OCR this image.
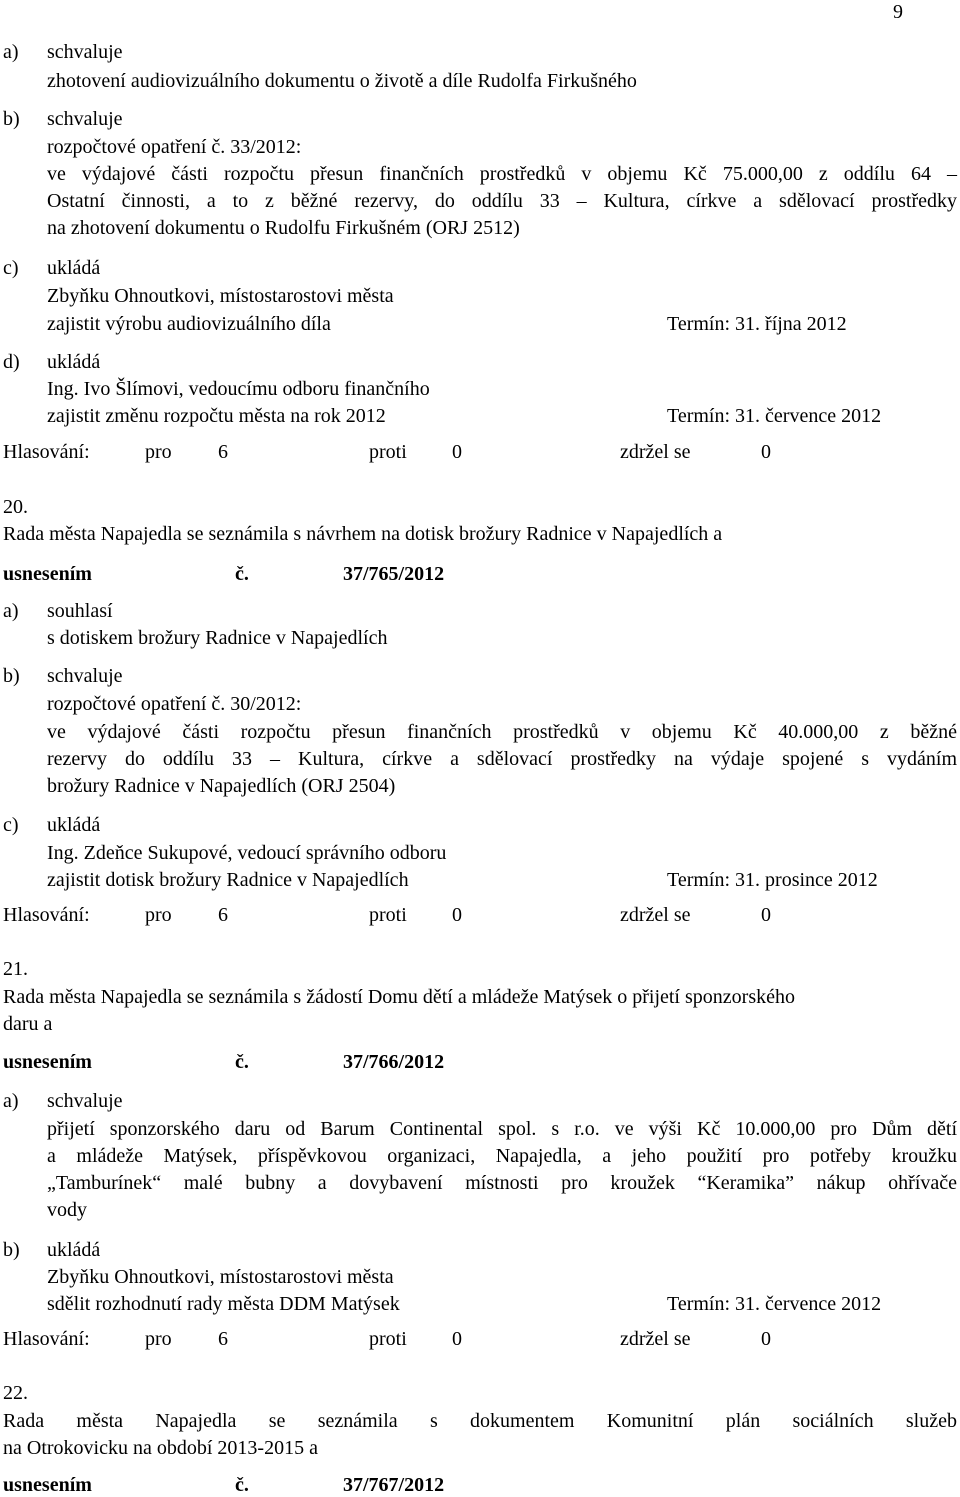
9
a) schvaluje
zhotovení audiovizuálního dokumentu o životě a díle Rudolfa Firkušného
b) schvaluje
rozpočtové opatření č. 33/2012:
ve výdajové části rozpočtu přesun finančních prostředků v objemu Kč 75.000,00 z oddílu 64 –
Ostatní činnosti, a to z běžné rezervy, do oddílu 33 – Kultura, církve a sdělovací prostředky
na zhotovení dokumentu o Rudolfu Firkušném (ORJ 2512)
c) ukládá
Zbyňku Ohnoutkovi, místostarostovi města
zajistit výrobu audiovizuálního díla	Termín: 31. října 2012
d) ukládá
Ing. Ivo Šlímovi, vedoucímu odboru finančního
zajistit změnu rozpočtu města na rok 2012	Termín: 31. července 2012
Hlasování:	pro 6	proti 0	zdržel se	0
20.
Rada města Napajedla se seznámila s návrhem na dotisk brožury Radnice v Napajedlích a
usnesením	č.	37/765/2012
a) souhlasí
s dotiskem brožury Radnice v Napajedlích
b) schvaluje
rozpočtové opatření č. 30/2012:
ve výdajové části rozpočtu přesun finančních prostředků v objemu Kč 40.000,00 z běžné
rezervy do oddílu 33 – Kultura, církve a sdělovací prostředky na výdaje spojené s vydáním
brožury Radnice v Napajedlích (ORJ 2504)
c) ukládá
Ing. Zdeňce Sukupové, vedoucí správního odboru
zajistit dotisk brožury Radnice v Napajedlích	Termín: 31. prosince 2012
Hlasování:	pro 6	proti 0	zdržel se	0
21.
Rada města Napajedla se seznámila s žádostí Domu dětí a mládeže Matýsek o přijetí sponzorského
daru a
usnesením	č.	37/766/2012
a) schvaluje
přijetí sponzorského daru od Barum Continental spol. s r.o. ve výši Kč 10.000,00 pro Dům dětí
a mládeže Matýsek, příspěvkovou organizaci, Napajedla, a jeho použití pro potřeby kroužku
„Tamburínek“ malé bubny a dovybavení místnosti pro kroužek “Keramika” nákup ohřívače
vody
b) ukládá
Zbyňku Ohnoutkovi, místostarostovi města
sdělit rozhodnutí rady města DDM Matýsek	Termín: 31. července 2012
Hlasování:	pro 6	proti 0	zdržel se	0
22.
Rada města Napajedla se seznámila s dokumentem Komunitní plán sociálních služeb
na Otrokovicku na období 2013-2015 a
usnesením	č.	37/767/2012
